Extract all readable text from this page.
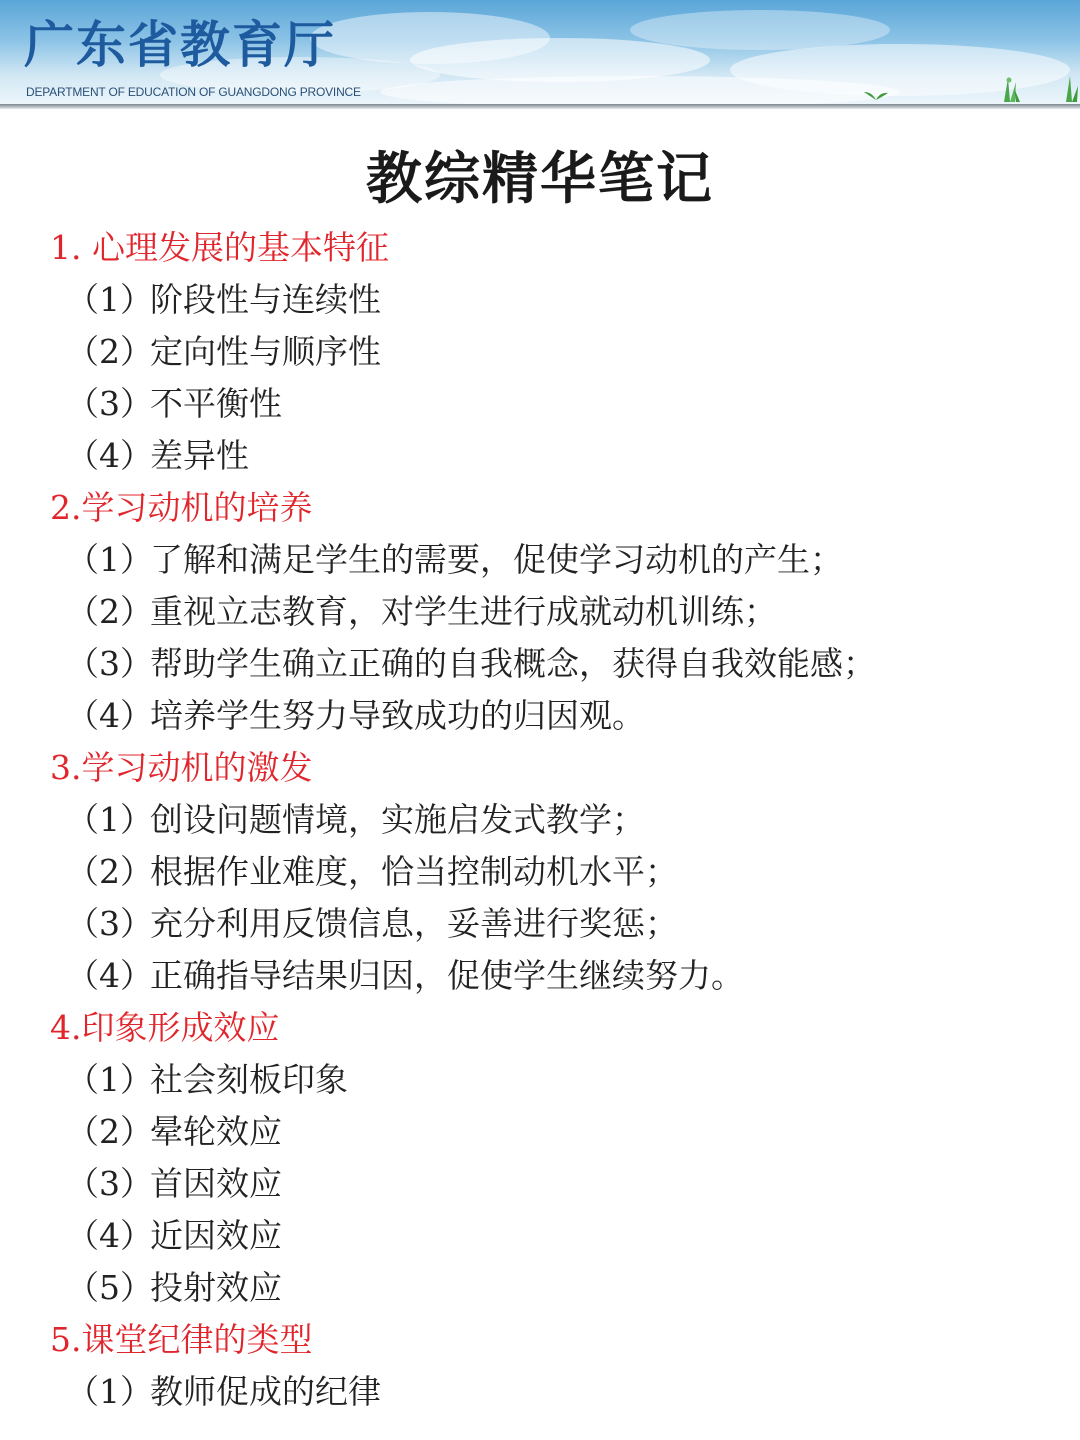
广东省教育厅
DEPARTMENT OF EDUCATION OF GUANGDONG PROVINCE
教综精华笔记
1. 心理发展的基本特征
（1）
阶段性与连续性
（2）
定向性与顺序性
（3）
不平衡性
（4）
差异性
2.学习动机的培养
（1）
了解和满足学生的需要，促使学习动机的产生；
（2）
重视立志教育，对学生进行成就动机训练；
（3）
帮助学生确立正确的自我概念，获得自我效能感；
（4）
培养学生努力导致成功的归因观。
3.学习动机的激发
（1）
创设问题情境，实施启发式教学；
（2）
根据作业难度，恰当控制动机水平；
（3）
充分利用反馈信息，妥善进行奖惩；
（4）
正确指导结果归因，促使学生继续努力。
4.印象形成效应
（1）
社会刻板印象
（2）
晕轮效应
（3）
首因效应
（4）
近因效应
（5）
投射效应
5.课堂纪律的类型
（1）
教师促成的纪律
